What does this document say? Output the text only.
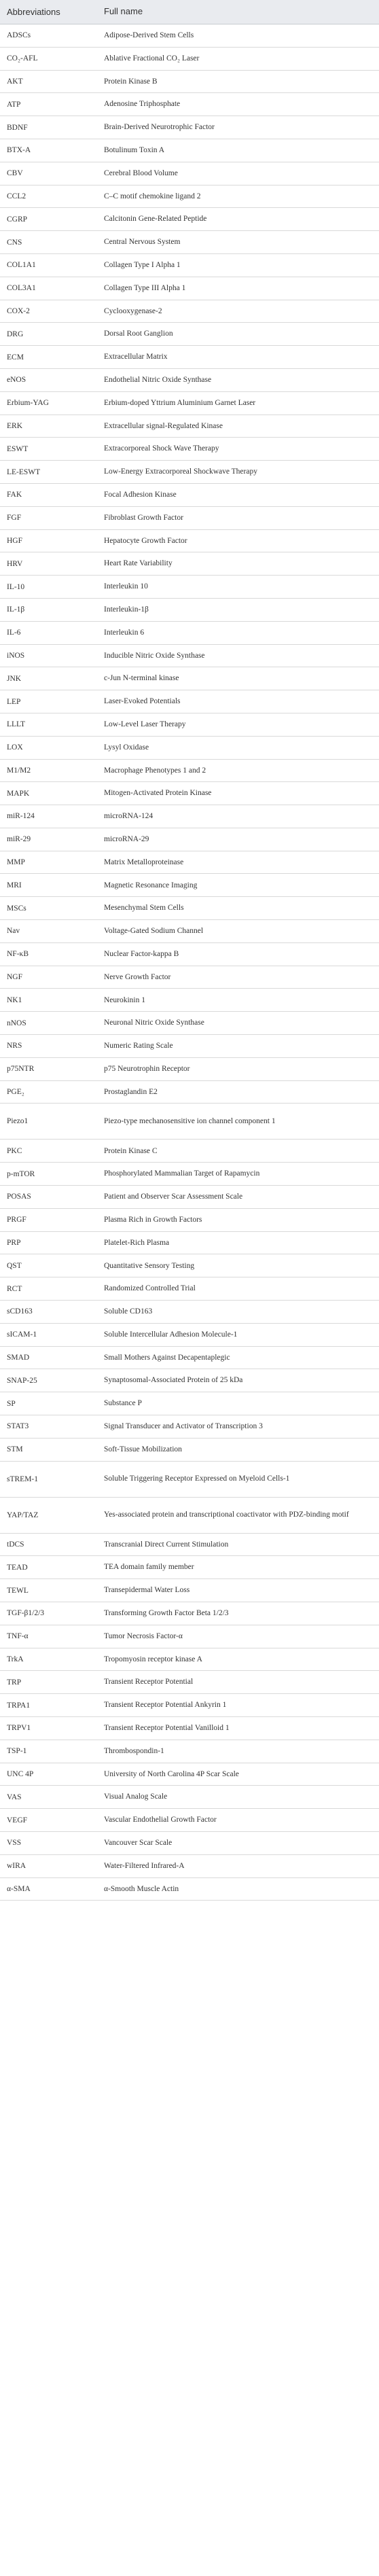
Abbreviations	Full name
ADSCs	Adipose-Derived Stem Cells
CO₂-AFL	Ablative Fractional CO₂ Laser
AKT	Protein Kinase B
ATP	Adenosine Triphosphate
BDNF	Brain-Derived Neurotrophic Factor
BTX-A	Botulinum Toxin A
CBV	Cerebral Blood Volume
CCL2	C–C motif chemokine ligand 2
CGRP	Calcitonin Gene-Related Peptide
CNS	Central Nervous System
COL1A1	Collagen Type I Alpha 1
COL3A1	Collagen Type III Alpha 1
COX-2	Cyclooxygenase-2
DRG	Dorsal Root Ganglion
ECM	Extracellular Matrix
eNOS	Endothelial Nitric Oxide Synthase
Erbium-YAG	Erbium-doped Yttrium Aluminium Garnet Laser
ERK	Extracellular signal-Regulated Kinase
ESWT	Extracorporeal Shock Wave Therapy
LE-ESWT	Low-Energy Extracorporeal Shockwave Therapy
FAK	Focal Adhesion Kinase
FGF	Fibroblast Growth Factor
HGF	Hepatocyte Growth Factor
HRV	Heart Rate Variability
IL-10	Interleukin 10
IL-1β	Interleukin-1β
IL-6	Interleukin 6
iNOS	Inducible Nitric Oxide Synthase
JNK	c-Jun N-terminal kinase
LEP	Laser-Evoked Potentials
LLLT	Low-Level Laser Therapy
LOX	Lysyl Oxidase
M1/M2	Macrophage Phenotypes 1 and 2
MAPK	Mitogen-Activated Protein Kinase
miR-124	microRNA-124
miR-29	microRNA-29
MMP	Matrix Metalloproteinase
MRI	Magnetic Resonance Imaging
MSCs	Mesenchymal Stem Cells
Nav	Voltage-Gated Sodium Channel
NF-κB	Nuclear Factor-kappa B
NGF	Nerve Growth Factor
NK1	Neurokinin 1
nNOS	Neuronal Nitric Oxide Synthase
NRS	Numeric Rating Scale
p75NTR	p75 Neurotrophin Receptor
PGE₂	Prostaglandin E2
Piezo1	Piezo-type mechanosensitive ion channel component 1
PKC	Protein Kinase C
p-mTOR	Phosphorylated Mammalian Target of Rapamycin
POSAS	Patient and Observer Scar Assessment Scale
PRGF	Plasma Rich in Growth Factors
PRP	Platelet-Rich Plasma
QST	Quantitative Sensory Testing
RCT	Randomized Controlled Trial
sCD163	Soluble CD163
sICAM-1	Soluble Intercellular Adhesion Molecule-1
SMAD	Small Mothers Against Decapentaplegic
SNAP-25	Synaptosomal-Associated Protein of 25 kDa
SP	Substance P
STAT3	Signal Transducer and Activator of Transcription 3
STM	Soft-Tissue Mobilization
sTREM-1	Soluble Triggering Receptor Expressed on Myeloid Cells-1
YAP/TAZ	Yes-associated protein and transcriptional coactivator with PDZ-binding motif
tDCS	Transcranial Direct Current Stimulation
TEAD	TEA domain family member
TEWL	Transepidermal Water Loss
TGF-β1/2/3	Transforming Growth Factor Beta 1/2/3
TNF-α	Tumor Necrosis Factor-α
TrkA	Tropomyosin receptor kinase A
TRP	Transient Receptor Potential
TRPA1	Transient Receptor Potential Ankyrin 1
TRPV1	Transient Receptor Potential Vanilloid 1
TSP-1	Thrombospondin-1
UNC 4P	University of North Carolina 4P Scar Scale
VAS	Visual Analog Scale
VEGF	Vascular Endothelial Growth Factor
VSS	Vancouver Scar Scale
wIRA	Water-Filtered Infrared-A
α-SMA	α-Smooth Muscle Actin
